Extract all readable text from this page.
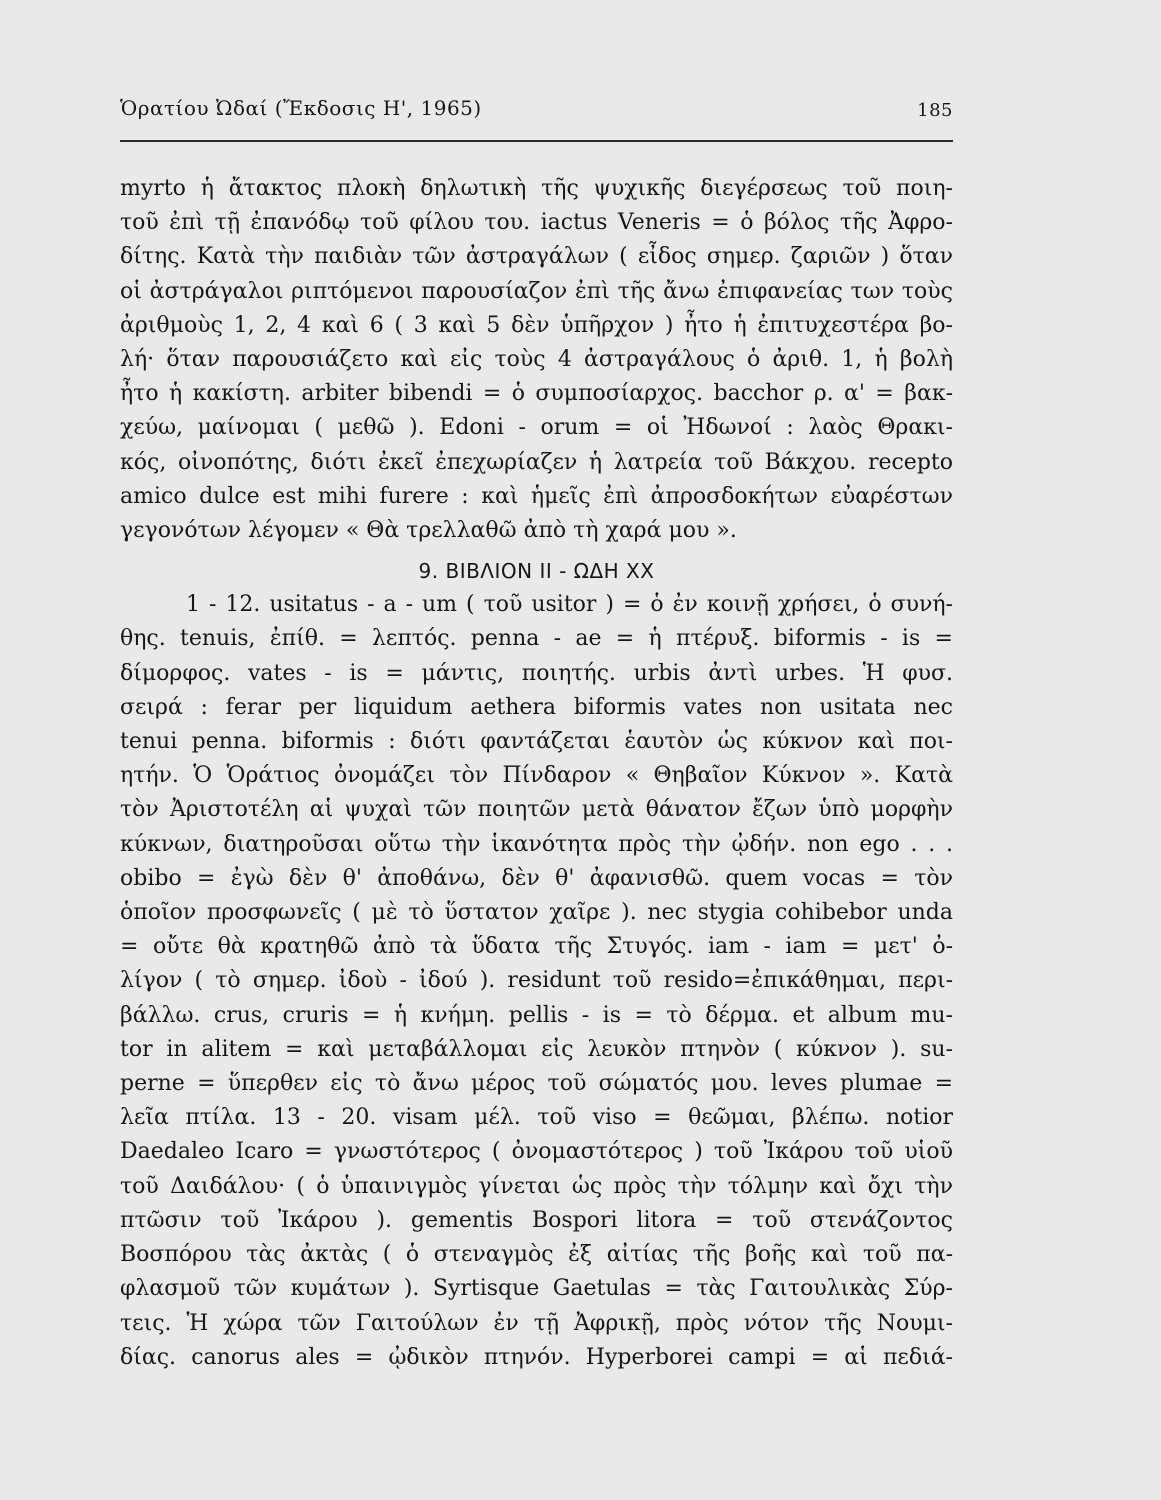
Ὁρατίου Ὠδαί (Ἔκδοσις Η', 1965)	185
myrto ἡ ἄτακτος πλοκὴ δηλωτικὴ τῆς ψυχικῆς διεγέρσεως τοῦ ποιη-
τοῦ ἐπὶ τῇ ἐπανόδῳ τοῦ φίλου του. iactus Veneris = ὁ βόλος τῆς Ἀφρο-
δίτης. Κατὰ τὴν παιδιὰν τῶν ἀστραγάλων ( εἶδος σημερ. ζαριῶν ) ὅταν
οἱ ἀστράγαλοι ριπτόμενοι παρουσίαζον ἐπὶ τῆς ἄνω ἐπιφανείας των τοὺς
ἀριθμοὺς 1, 2, 4 καὶ 6 ( 3 καὶ 5 δὲν ὑπῆρχον ) ἦτο ἡ ἐπιτυχεστέρα βο-
λή· ὅταν παρουσιάζετο καὶ εἰς τοὺς 4 ἀστραγάλους ὁ ἀριθ. 1, ἡ βολὴ
ἦτο ἡ κακίστη. arbiter bibendi = ὁ συμποσίαρχος. bacchor ρ. α' = βακ-
χεύω, μαίνομαι ( μεθῶ ). Edoni - orum = οἱ Ἠδωνοί : λαὸς Θρακι-
κός, οἰνοπότης, διότι ἐκεῖ ἐπεχωρίαζεν ἡ λατρεία τοῦ Βάκχου. recepto
amico dulce est mihi furere : καὶ ἡμεῖς ἐπὶ ἀπροσδοκήτων εὐαρέστων
γεγονότων λέγομεν « Θὰ τρελλαθῶ ἀπὸ τὴ χαρά μου ».
9. ΒΙΒΛΙΟΝ ΙΙ - ΩΔΗ ΧΧ
1 - 12. usitatus - a - um ( τοῦ usitor ) = ὁ ἐν κοινῇ χρήσει, ὁ συνή-
θης. tenuis, ἐπίθ. = λεπτός. penna - ae = ἡ πτέρυξ. biformis - is =
δίμορφος. vates - is = μάντις, ποιητής. urbis ἀντὶ urbes. Ἡ φυσ.
σειρά : ferar per liquidum aethera biformis vates non usitata nec
tenui penna. biformis : διότι φαντάζεται ἑαυτὸν ὡς κύκνον καὶ ποι-
ητήν. Ὁ Ὁράτιος ὀνομάζει τὸν Πίνδαρον « Θηβαῖον Κύκνον ». Κατὰ
τὸν Ἀριστοτέλη αἱ ψυχαὶ τῶν ποιητῶν μετὰ θάνατον ἔζων ὑπὸ μορφὴν
κύκνων, διατηροῦσαι οὕτω τὴν ἱκανότητα πρὸς τὴν ᾠδήν. non ego . . .
obibo = ἐγὼ δὲν θ' ἀποθάνω, δὲν θ' ἀφανισθῶ. quem vocas = τὸν
ὁποῖον προσφωνεῖς ( μὲ τὸ ὕστατον χαῖρε ). nec stygia cohibebor unda
= οὔτε θὰ κρατηθῶ ἀπὸ τὰ ὕδατα τῆς Στυγός. iam - iam = μετ' ὀ-
λίγον ( τὸ σημερ. ἰδοὺ - ἰδού ). residunt τοῦ resido=ἐπικάθημαι, περι-
βάλλω. crus, cruris = ἡ κνήμη. pellis - is = τὸ δέρμα. et album mu-
tor in alitem = καὶ μεταβάλλομαι εἰς λευκὸν πτηνὸν ( κύκνον ). su-
perne = ὕπερθεν εἰς τὸ ἄνω μέρος τοῦ σώματός μου. leves plumae =
λεῖα πτίλα. 13 - 20. visam μέλ. τοῦ viso = θεῶμαι, βλέπω. notior
Daedaleo Icaro = γνωστότερος ( ὀνομαστότερος ) τοῦ Ἰκάρου τοῦ υἱοῦ
τοῦ Δαιδάλου· ( ὁ ὑπαινιγμὸς γίνεται ὡς πρὸς τὴν τόλμην καὶ ὄχι τὴν
πτῶσιν τοῦ Ἰκάρου ). gementis Bospori litora = τοῦ στενάζοντος
Βοσπόρου τὰς ἀκτὰς ( ὁ στεναγμὸς ἐξ αἰτίας τῆς βοῆς καὶ τοῦ πα-
φλασμοῦ τῶν κυμάτων ). Syrtisque Gaetulas = τὰς Γαιτουλικὰς Σύρ-
τεις. Ἡ χώρα τῶν Γαιτούλων ἐν τῇ Ἀφρικῇ, πρὸς νότον τῆς Νουμι-
δίας. canorus ales = ᾠδικὸν πτηνόν. Hyperborei campi = αἱ πεδιά-
